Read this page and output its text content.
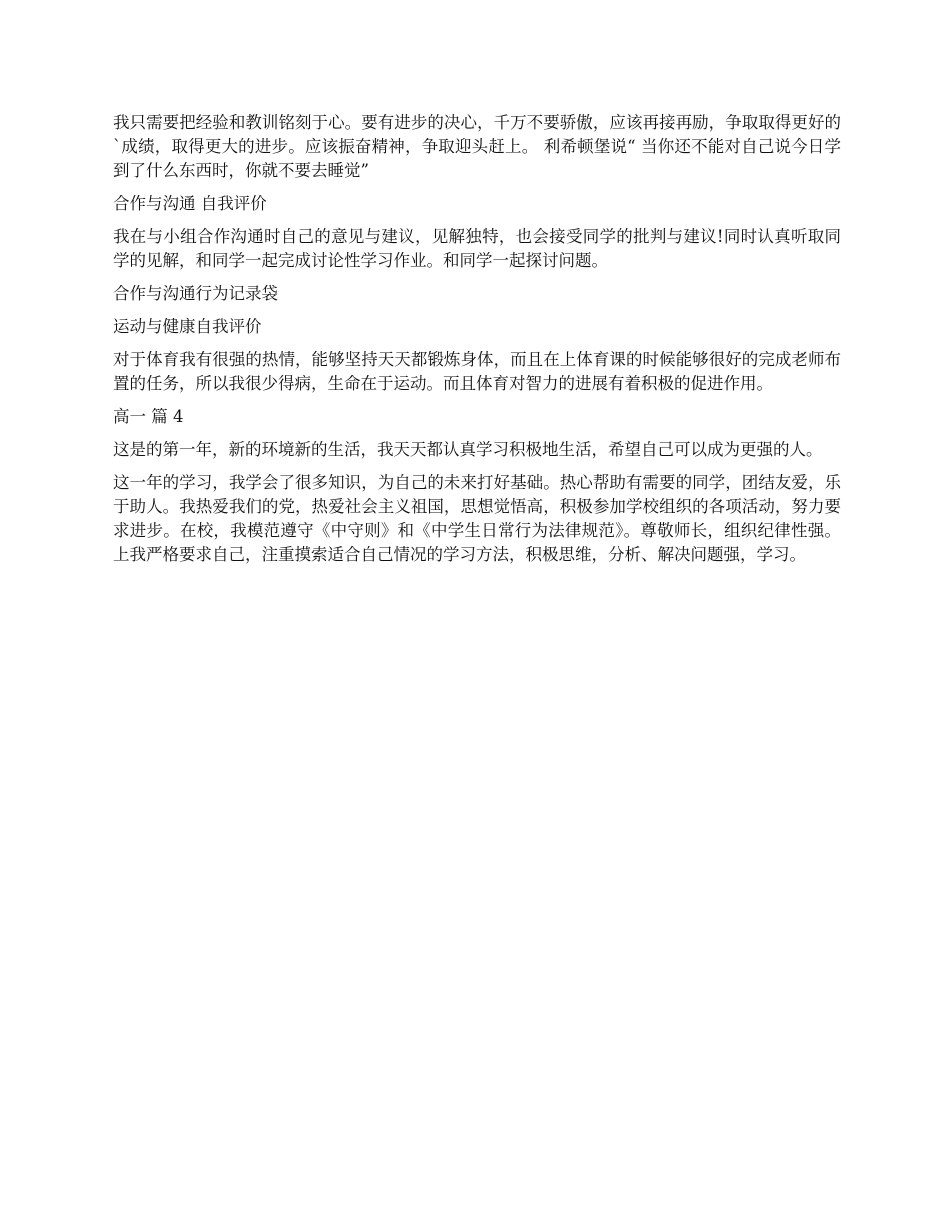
我只需要把经验和教训铭刻于心。要有进步的决心，千万不要骄傲，应该再接再励，争取取得更好的`成绩，取得更大的进步。应该振奋精神，争取迎头赶上。 利希顿堡说“ 当你还不能对自己说今日学到了什么东西时，你就不要去睡觉”

合作与沟通 自我评价

我在与小组合作沟通时自己的意见与建议，见解独特，也会接受同学的批判与建议!同时认真听取同学的见解，和同学一起完成讨论性学习作业。和同学一起探讨问题。

合作与沟通行为记录袋

运动与健康自我评价

对于体育我有很强的热情，能够坚持天天都锻炼身体，而且在上体育课的时候能够很好的完成老师布置的任务，所以我很少得病，生命在于运动。而且体育对智力的进展有着积极的促进作用。

高一 篇 4

这是的第一年，新的环境新的生活，我天天都认真学习积极地生活，希望自己可以成为更强的人。

这一年的学习，我学会了很多知识，为自己的未来打好基础。热心帮助有需要的同学，团结友爱，乐于助人。我热爱我们的党，热爱社会主义祖国，思想觉悟高，积极参加学校组织的各项活动，努力要求进步。在校，我模范遵守《中守则》和《中学生日常行为法律规范》。尊敬师长，组织纪律性强。上我严格要求自己，注重摸索适合自己情况的学习方法，积极思维，分析、解决问题强，学习。
